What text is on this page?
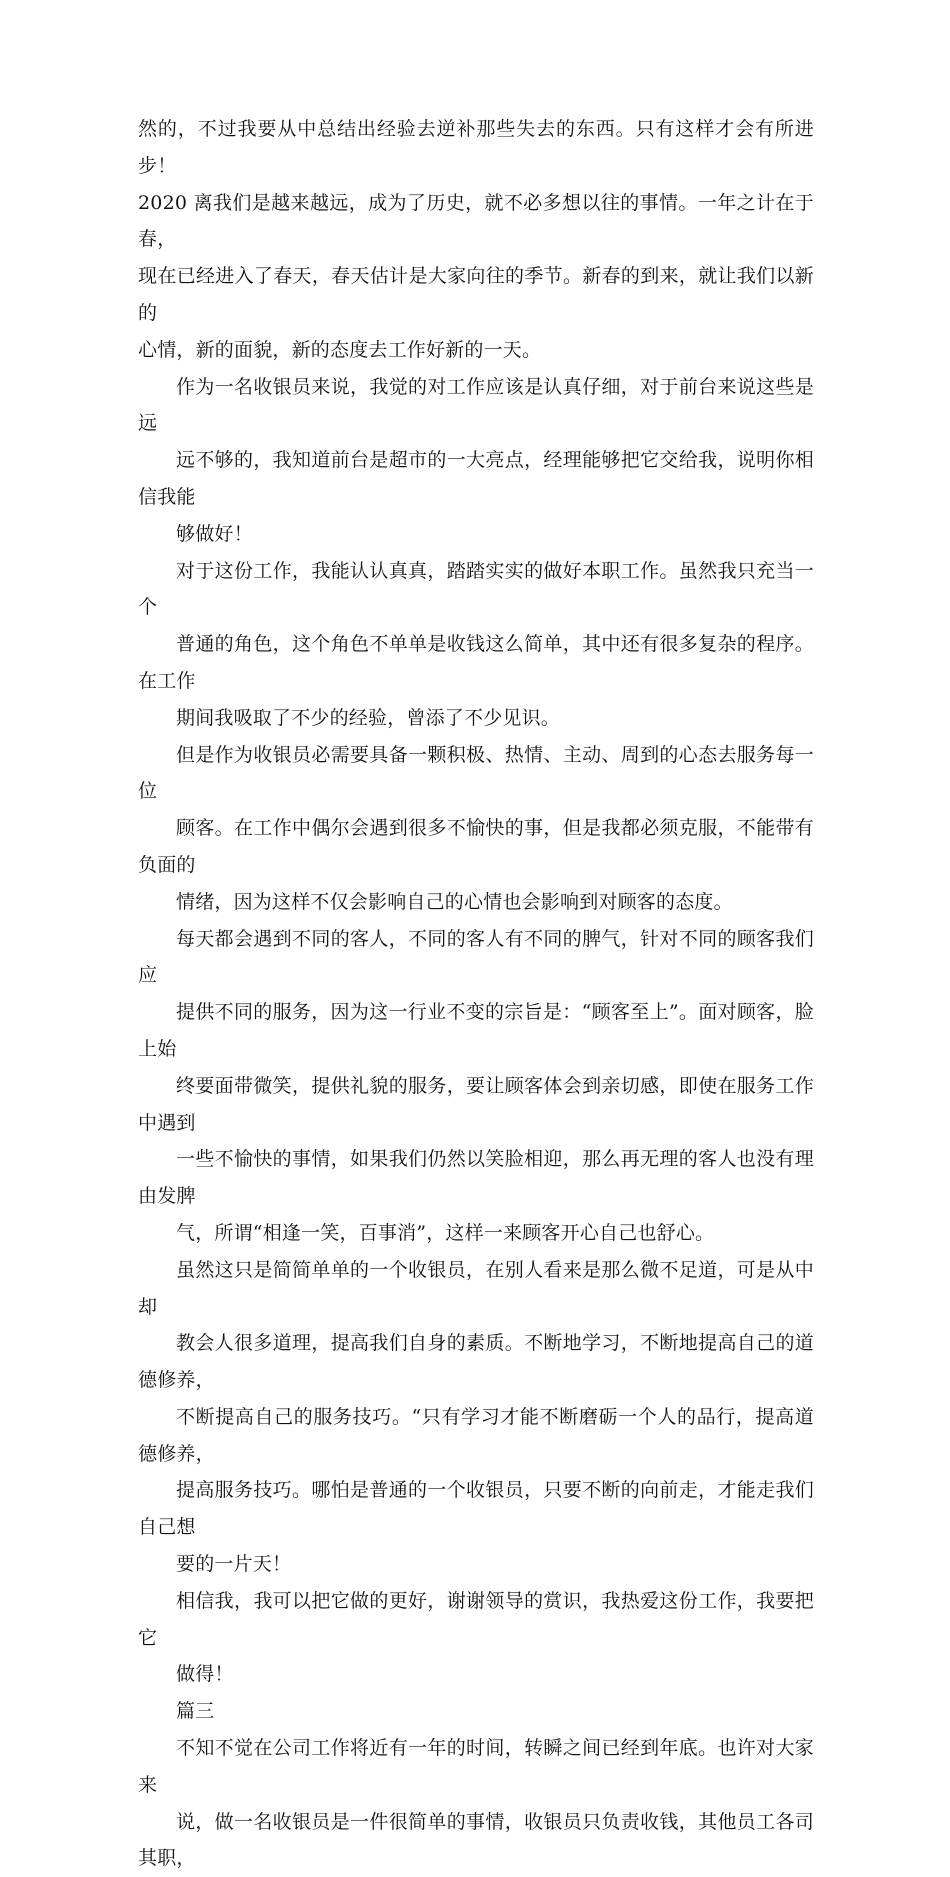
然的，不过我要从中总结出经验去逆补那些失去的东西。只有这样才会有所进步！
2020 离我们是越来越远，成为了历史，就不必多想以往的事情。一年之计在于春，
现在已经进入了春天，春天估计是大家向往的季节。新春的到来，就让我们以新的
心情，新的面貌，新的态度去工作好新的一天。

作为一名收银员来说，我觉的对工作应该是认真仔细，对于前台来说这些是远
远不够的，我知道前台是超市的一大亮点，经理能够把它交给我，说明你相信我能
够做好！

对于这份工作，我能认认真真，踏踏实实的做好本职工作。虽然我只充当一个
普通的角色，这个角色不单单是收钱这么简单，其中还有很多复杂的程序。在工作
期间我吸取了不少的经验，曾添了不少见识。

但是作为收银员必需要具备一颗积极、热情、主动、周到的心态去服务每一位
顾客。在工作中偶尔会遇到很多不愉快的事，但是我都必须克服，不能带有负面的
情绪，因为这样不仅会影响自己的心情也会影响到对顾客的态度。

每天都会遇到不同的客人，不同的客人有不同的脾气，针对不同的顾客我们应
提供不同的服务，因为这一行业不变的宗旨是：“顾客至上”。面对顾客，脸上始
终要面带微笑，提供礼貌的服务，要让顾客体会到亲切感，即使在服务工作中遇到
一些不愉快的事情，如果我们仍然以笑脸相迎，那么再无理的客人也没有理由发脾
气，所谓“相逢一笑，百事消”，这样一来顾客开心自己也舒心。

虽然这只是简简单单的一个收银员，在别人看来是那么微不足道，可是从中却
教会人很多道理，提高我们自身的素质。不断地学习，不断地提高自己的道德修养，
不断提高自己的服务技巧。“只有学习才能不断磨砺一个人的品行，提高道德修养，
提高服务技巧。哪怕是普通的一个收银员，只要不断的向前走，才能走我们自己想
要的一片天！

相信我，我可以把它做的更好，谢谢领导的赏识，我热爱这份工作，我要把它
做得！

篇三

不知不觉在公司工作将近有一年的时间，转瞬之间已经到年底。也许对大家来
说，做一名收银员是一件很简单的事情，收银员只负责收钱，其他员工各司其职，
